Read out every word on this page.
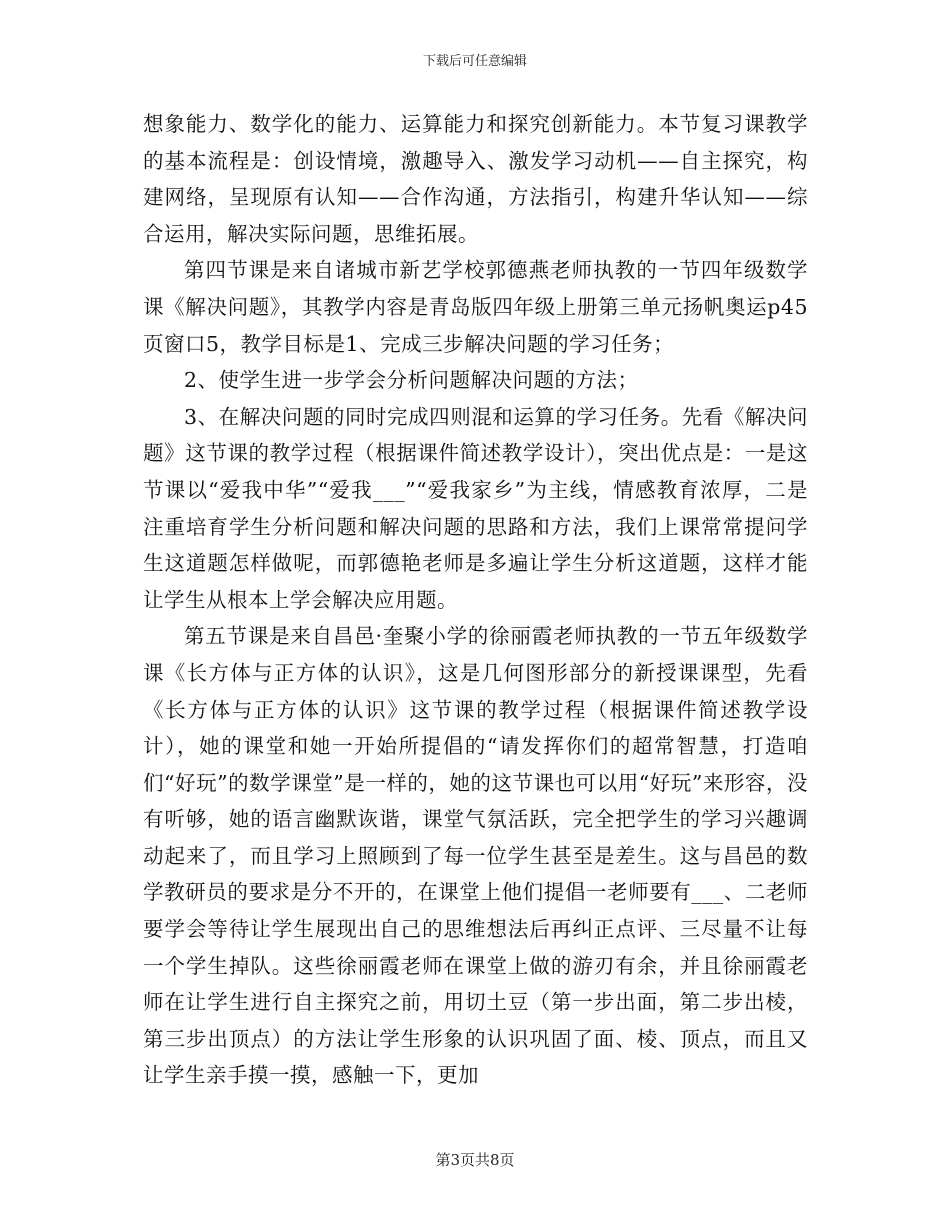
下载后可任意编辑

想象能力、数学化的能力、运算能力和探究创新能力。本节复习课教学的基本流程是：创设情境，激趣导入、激发学习动机——自主探究，构建网络，呈现原有认知——合作沟通，方法指引，构建升华认知——综合运用，解决实际问题，思维拓展。

第四节课是来自诸城市新艺学校郭德燕老师执教的一节四年级数学课《解决问题》，其教学内容是青岛版四年级上册第三单元扬帆奥运p45页窗口5，教学目标是1、完成三步解决问题的学习任务；

2、使学生进一步学会分析问题解决问题的方法；

3、在解决问题的同时完成四则混和运算的学习任务。先看《解决问题》这节课的教学过程（根据课件简述教学设计），突出优点是：一是这节课以“爱我中华”“爱我___”“爱我家乡”为主线，情感教育浓厚，二是注重培育学生分析问题和解决问题的思路和方法，我们上课常常提问学生这道题怎样做呢，而郭德艳老师是多遍让学生分析这道题，这样才能让学生从根本上学会解决应用题。

第五节课是来自昌邑·奎聚小学的徐丽霞老师执教的一节五年级数学课《长方体与正方体的认识》，这是几何图形部分的新授课课型，先看《长方体与正方体的认识》这节课的教学过程（根据课件简述教学设计），她的课堂和她一开始所提倡的“请发挥你们的超常智慧，打造咱们“好玩”的数学课堂”是一样的，她的这节课也可以用“好玩”来形容，没有听够，她的语言幽默诙谐，课堂气氛活跃，完全把学生的学习兴趣调动起来了，而且学习上照顾到了每一位学生甚至是差生。这与昌邑的数学教研员的要求是分不开的，在课堂上他们提倡一老师要有___、二老师要学会等待让学生展现出自己的思维想法后再纠正点评、三尽量不让每一个学生掉队。这些徐丽霞老师在课堂上做的游刃有余，并且徐丽霞老师在让学生进行自主探究之前，用切土豆（第一步出面，第二步出棱，第三步出顶点）的方法让学生形象的认识巩固了面、棱、顶点，而且又让学生亲手摸一摸，感触一下，更加

第3页共8页
